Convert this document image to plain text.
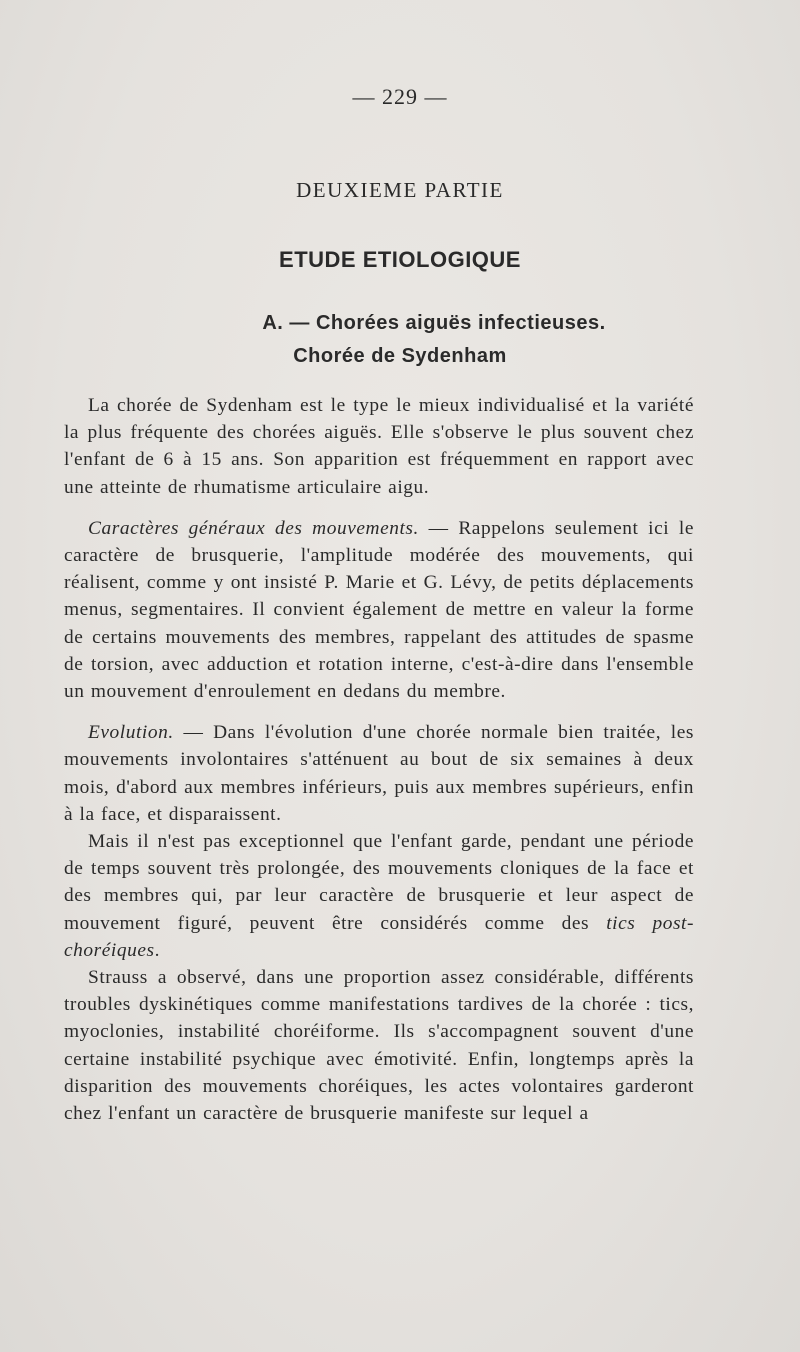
— 229 —
DEUXIEME PARTIE
ETUDE ETIOLOGIQUE
A. — Chorées aiguës infectieuses.
Chorée de Sydenham

La chorée de Sydenham est le type le mieux individualisé et la variété la plus fréquente des chorées aiguës. Elle s'observe le plus souvent chez l'enfant de 6 à 15 ans. Son apparition est fréquemment en rapport avec une atteinte de rhumatisme articulaire aigu.

Caractères généraux des mouvements. — Rappelons seulement ici le caractère de brusquerie, l'amplitude modérée des mouvements, qui réalisent, comme y ont insisté P. Marie et G. Lévy, de petits déplacements menus, segmentaires. Il convient également de mettre en valeur la forme de certains mouvements des membres, rappelant des attitudes de spasme de torsion, avec adduction et rotation interne, c'est-à-dire dans l'ensemble un mouvement d'enroulement en dedans du membre.

Evolution. — Dans l'évolution d'une chorée normale bien traitée, les mouvements involontaires s'atténuent au bout de six semaines à deux mois, d'abord aux membres inférieurs, puis aux membres supérieurs, enfin à la face, et disparaissent.

Mais il n'est pas exceptionnel que l'enfant garde, pendant une période de temps souvent très prolongée, des mouvements cloniques de la face et des membres qui, par leur caractère de brusquerie et leur aspect de mouvement figuré, peuvent être considérés comme des tics post-choréiques.

Strauss a observé, dans une proportion assez considérable, différents troubles dyskinétiques comme manifestations tardives de la chorée : tics, myoclonies, instabilité choréiforme. Ils s'accompagnent souvent d'une certaine instabilité psychique avec émotivité. Enfin, longtemps après la disparition des mouvements choréiques, les actes volontaires garderont chez l'enfant un caractère de brusquerie manifeste sur lequel a
